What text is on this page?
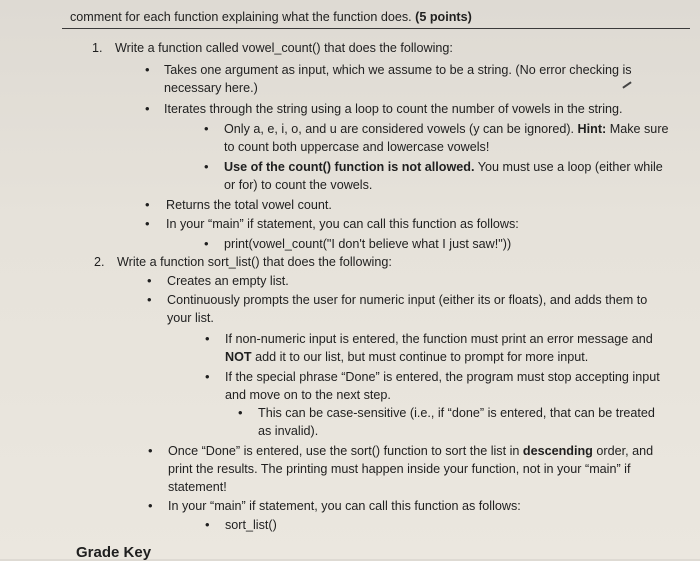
comment for each function explaining what the function does. (5 points)
1. Write a function called vowel_count() that does the following:
• Takes one argument as input, which we assume to be a string. (No error checking is
necessary here.)
• Iterates through the string using a loop to count the number of vowels in the string.
• Only a, e, i, o, and u are considered vowels (y can be ignored). Hint: Make sure
to count both uppercase and lowercase vowels!
• Use of the count() function is not allowed. You must use a loop (either while
or for) to count the vowels.
• Returns the total vowel count.
• In your “main” if statement, you can call this function as follows:
• print(vowel_count("I don't believe what I just saw!"))
2. Write a function sort_list() that does the following:
• Creates an empty list.
• Continuously prompts the user for numeric input (either its or floats), and adds them to
your list.
• If non-numeric input is entered, the function must print an error message and
NOT add it to our list, but must continue to prompt for more input.
• If the special phrase “Done” is entered, the program must stop accepting input
and move on to the next step.
• This can be case-sensitive (i.e., if “done” is entered, that can be treated
as invalid).
• Once “Done” is entered, use the sort() function to sort the list in descending order, and
print the results. The printing must happen inside your function, not in your “main” if
statement!
• In your “main” if statement, you can call this function as follows:
• sort_list()
Grade Key
